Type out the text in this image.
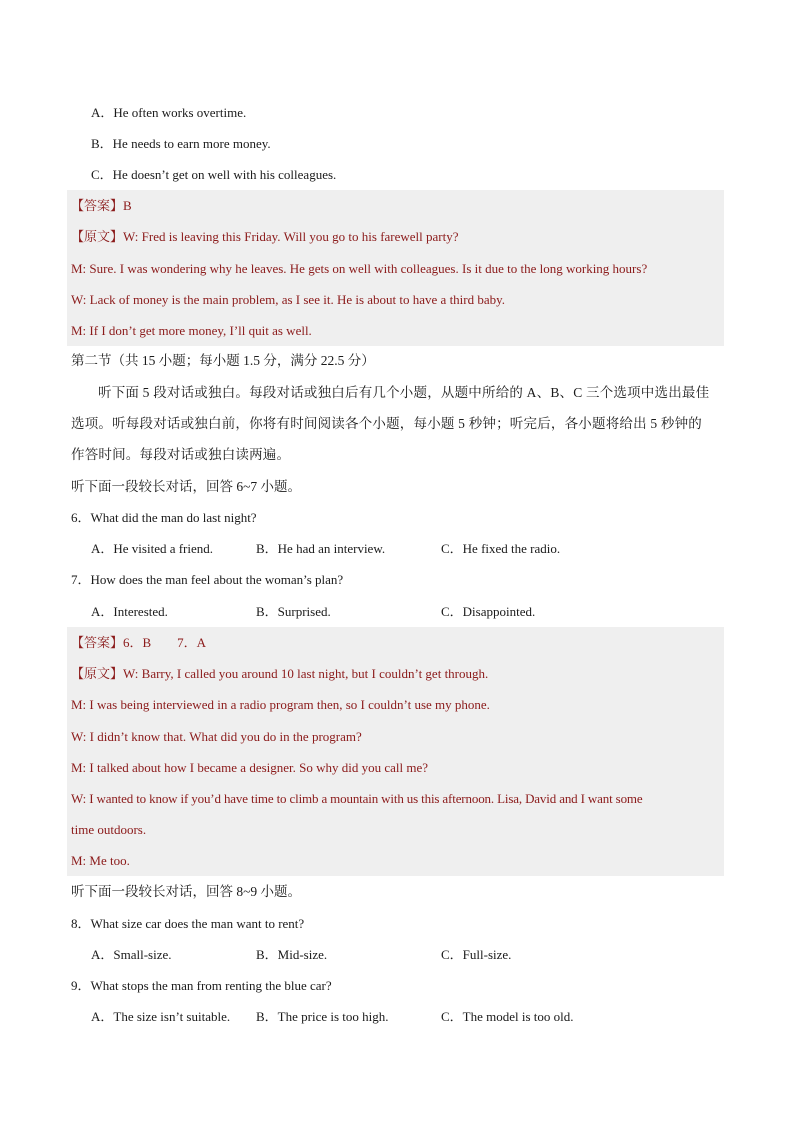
A．He often works overtime.
B．He needs to earn more money.
C．He doesn’t get on well with his colleagues.
【答案】B
【原文】W: Fred is leaving this Friday. Will you go to his farewell party?
M: Sure. I was wondering why he leaves. He gets on well with colleagues. Is it due to the long working hours?
W: Lack of money is the main problem, as I see it. He is about to have a third baby.
M: If I don’t get more money, I’ll quit as well.
第二节（共 15 小题；每小题 1.5 分，满分 22.5 分）
听下面 5 段对话或独白。每段对话或独白后有几个小题，从题中所给的 A、B、C 三个选项中选出最佳
选项。听每段对话或独白前，你将有时间阅读各个小题，每小题 5 秒钟；听完后，各小题将给出 5 秒钟的
作答时间。每段对话或独白读两遍。
听下面一段较长对话，回答 6~7 小题。
6．What did the man do last night?
A．He visited a friend.	B．He had an interview.	C．He fixed the radio.
7．How does the man feel about the woman’s plan?
A．Interested.	B．Surprised.	C．Disappointed.
【答案】6．B　　7．A
【原文】W: Barry, I called you around 10 last night, but I couldn’t get through.
M: I was being interviewed in a radio program then, so I couldn’t use my phone.
W: I didn’t know that. What did you do in the program?
M: I talked about how I became a designer. So why did you call me?
W: I wanted to know if you’d have time to climb a mountain with us this afternoon. Lisa, David and I want some
time outdoors.
M: Me too.
听下面一段较长对话，回答 8~9 小题。
8．What size car does the man want to rent?
A．Small-size.	B．Mid-size.	C．Full-size.
9．What stops the man from renting the blue car?
A．The size isn’t suitable. B．The price is too high.	C．The model is too old.
